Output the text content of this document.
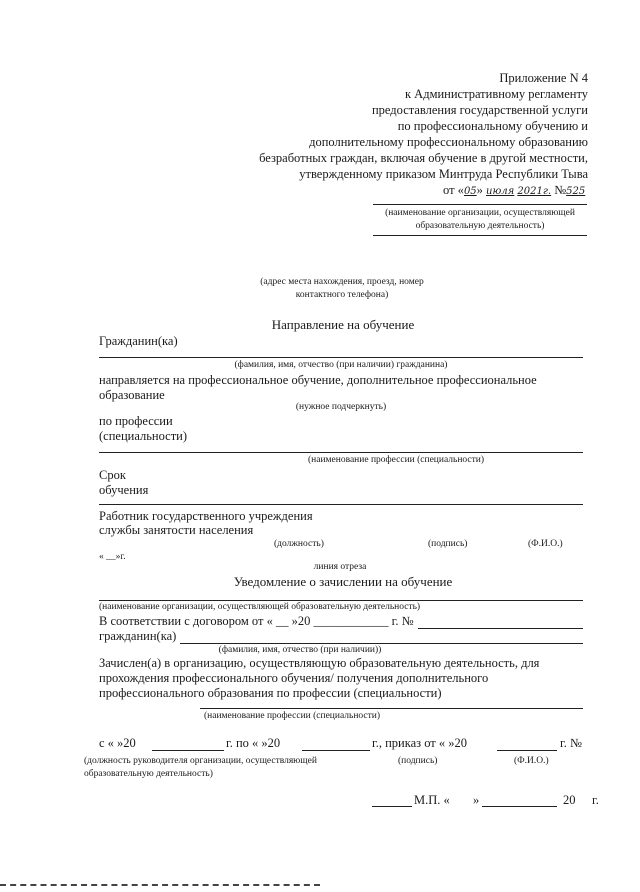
Приложение N 4
к Административному регламенту
предоставления государственной услуги
по профессиональному обучению и
дополнительному профессиональному образованию
безработных граждан, включая обучение в другой местности,
утвержденному приказом Минтруда Республики Тыва
от «05» июля 2021г. №525
(наименование организации, осуществляющей
образовательную деятельность)
(адрес места нахождения, проезд, номер
контактного телефона)
Направление на обучение
Гражданин(ка)
(фамилия, имя, отчество (при наличии) гражданина)
направляется на профессиональное обучение, дополнительное профессиональное
образование
(нужное подчеркнуть)
по профессии
(специальности)
(наименование профессии (специальности)
Срок
обучения
Работник государственного учреждения
службы занятости населения
(должность)	(подпись)	(Ф.И.О.)
« __»г.
линия отреза
Уведомление о зачислении на обучение
(наименование организации, осуществляющей образовательную деятельность)
В соответствии с договором от « __ »20 ____________ г. №
гражданин(ка)
(фамилия, имя, отчество (при наличии))
Зачислен(а) в организацию, осуществляющую образовательную деятельность, для
прохождения профессионального обучения/ получения дополнительного
профессионального образования по профессии (специальности)
(наименование профессии (специальности)
с « »20	г. по « »20	г., приказ от « »20	г. №
(должность руководителя организации, осуществляющей
образовательную деятельность)
(подпись)	(Ф.И.О.)
М.П. « »	20 г.
